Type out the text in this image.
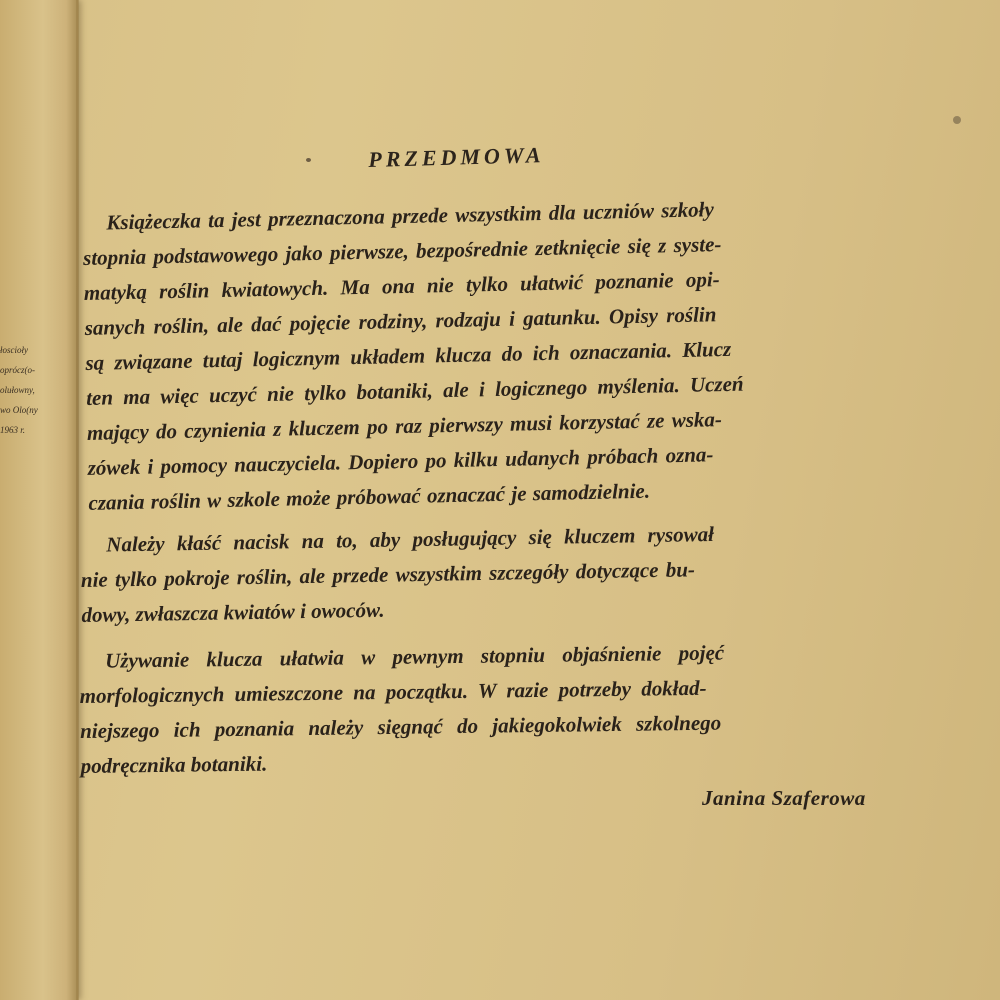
łoscioły
oprócz(o-
olułowny,
wo Olo(ny
1963 r.
PRZEDMOWA
Książeczka ta jest przeznaczona przede wszystkim dla uczniów szkoły
stopnia podstawowego jako pierwsze, bezpośrednie zetknięcie się z syste-
matyką roślin kwiatowych. Ma ona nie tylko ułatwić poznanie opi-
sanych roślin, ale dać pojęcie rodziny, rodzaju i gatunku. Opisy roślin
są związane tutaj logicznym układem klucza do ich oznaczania. Klucz
ten ma więc uczyć nie tylko botaniki, ale i logicznego myślenia. Uczeń
mający do czynienia z kluczem po raz pierwszy musi korzystać ze wska-
zówek i pomocy nauczyciela. Dopiero po kilku udanych próbach ozna-
czania roślin w szkole może próbować oznaczać je samodzielnie.
Należy kłaść nacisk na to, aby posługujący się kluczem rysował
nie tylko pokroje roślin, ale przede wszystkim szczegóły dotyczące bu-
dowy, zwłaszcza kwiatów i owoców.
Używanie klucza ułatwia w pewnym stopniu objaśnienie pojęć
morfologicznych umieszczone na początku. W razie potrzeby dokład-
niejszego ich poznania należy sięgnąć do jakiegokolwiek szkolnego
podręcznika botaniki.
Janina Szaferowa
